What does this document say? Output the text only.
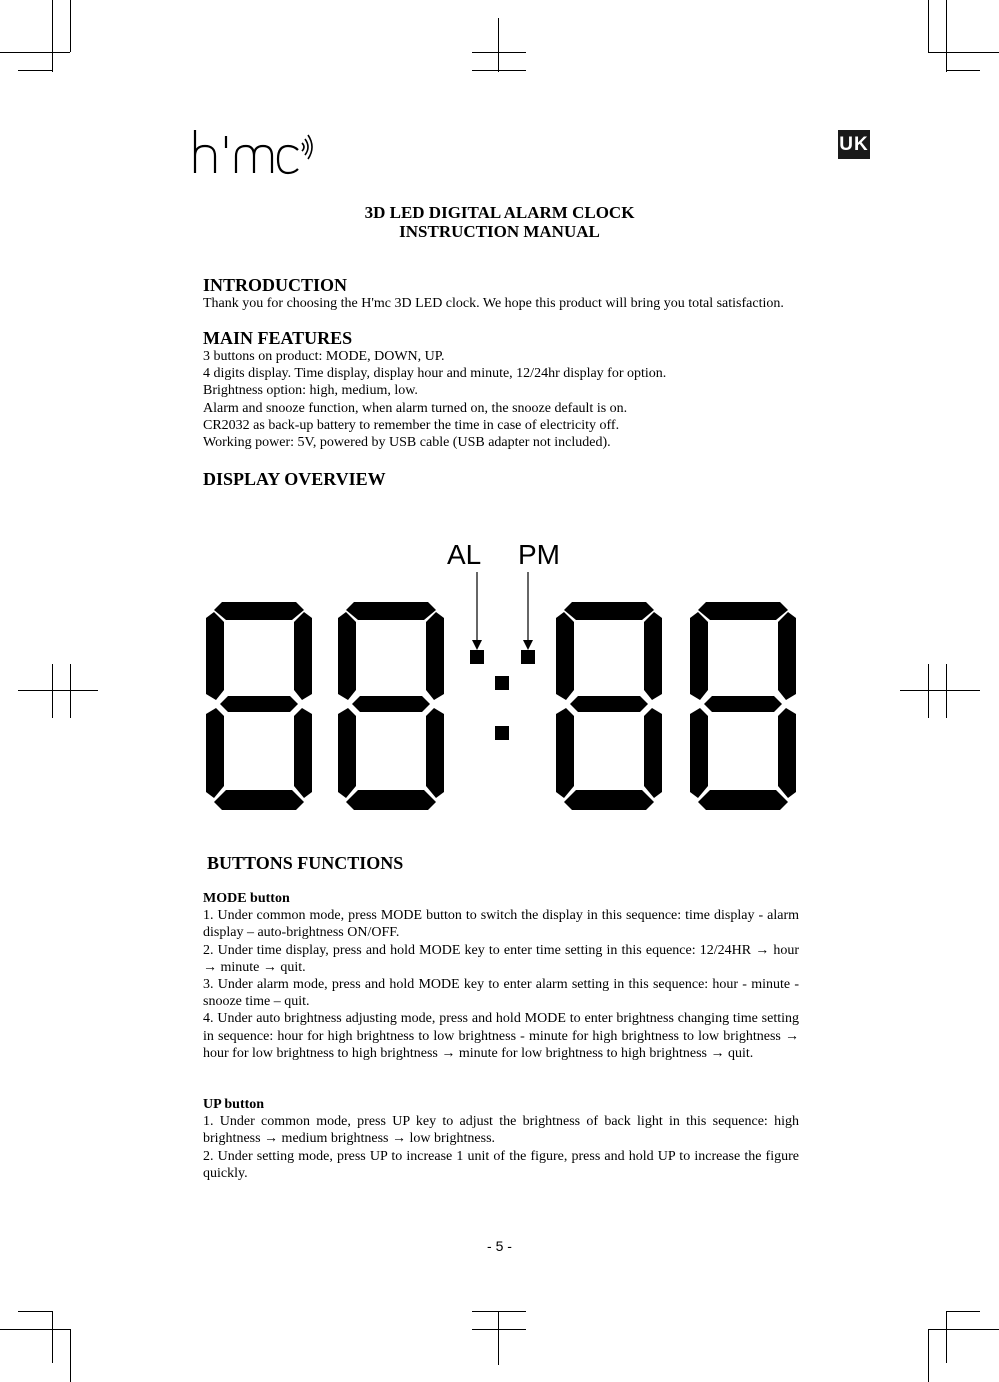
UK
3D LED DIGITAL ALARM CLOCK
INSTRUCTION MANUAL
INTRODUCTION
Thank you for choosing the H'mc 3D LED clock. We hope this product will bring you total satisfaction.
MAIN FEATURES
3 buttons on product: MODE, DOWN, UP.
4 digits display. Time display, display hour and minute, 12/24hr display for option.
Brightness option: high, medium, low.
Alarm and snooze function, when alarm turned on, the snooze default is on.
CR2032 as back-up battery to remember the time in case of electricity off.
Working power: 5V, powered by USB cable (USB adapter not included).
DISPLAY OVERVIEW
AL PM
BUTTONS FUNCTIONS
MODE button
1. Under common mode, press MODE button to switch the display in this sequence: time display - alarm display – auto-brightness ON/OFF.
2. Under time display, press and hold MODE key to enter time setting in this equence: 12/24HR → hour → minute → quit.
3. Under alarm mode, press and hold MODE key to enter alarm setting in this sequence: hour - minute - snooze time – quit.
4. Under auto brightness adjusting mode, press and hold MODE to enter brightness changing time setting in sequence: hour for high brightness to low brightness - minute for high brightness to low brightness → hour for low brightness to high brightness → minute for low brightness to high brightness → quit.
UP button
1. Under common mode, press UP key to adjust the brightness of back light in this sequence: high brightness → medium brightness → low brightness.
2. Under setting mode, press UP to increase 1 unit of the figure, press and hold UP to increase the figure quickly.
- 5 -
